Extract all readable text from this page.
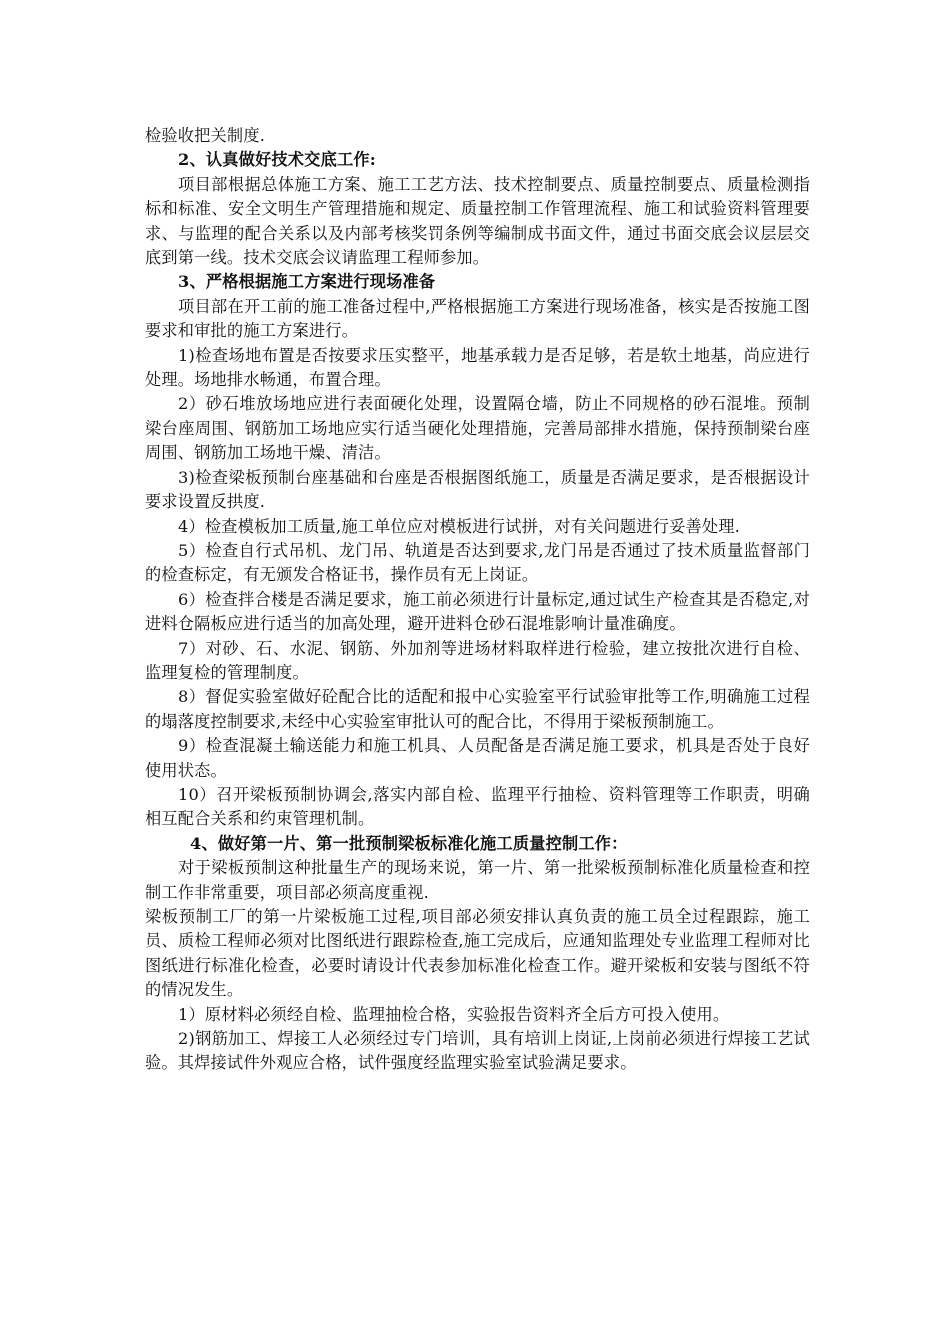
检验收把关制度.

2、认真做好技术交底工作:

项目部根据总体施工方案、施工工艺方法、技术控制要点、质量控制要点、质量检测指标和标准、安全文明生产管理措施和规定、质量控制工作管理流程、施工和试验资料管理要求、与监理的配合关系以及内部考核奖罚条例等编制成书面文件，通过书面交底会议层层交底到第一线。技术交底会议请监理工程师参加。

3、严格根据施工方案进行现场准备

项目部在开工前的施工准备过程中,严格根据施工方案进行现场准备，核实是否按施工图要求和审批的施工方案进行。

1)检查场地布置是否按要求压实整平，地基承载力是否足够，若是软土地基，尚应进行处理。场地排水畅通，布置合理。

2）砂石堆放场地应进行表面硬化处理，设置隔仓墙，防止不同规格的砂石混堆。预制梁台座周围、钢筋加工场地应实行适当硬化处理措施，完善局部排水措施，保持预制梁台座周围、钢筋加工场地干燥、清洁。

3)检查梁板预制台座基础和台座是否根据图纸施工，质量是否满足要求，是否根据设计要求设置反拱度.

4）检查模板加工质量,施工单位应对模板进行试拼，对有关问题进行妥善处理.

5）检查自行式吊机、龙门吊、轨道是否达到要求,龙门吊是否通过了技术质量监督部门的检查标定，有无颁发合格证书，操作员有无上岗证。

6）检查拌合楼是否满足要求，施工前必须进行计量标定,通过试生产检查其是否稳定,对进料仓隔板应进行适当的加高处理，避开进料仓砂石混堆影响计量准确度。

7）对砂、石、水泥、钢筋、外加剂等进场材料取样进行检验，建立按批次进行自检、监理复检的管理制度。

8）督促实验室做好砼配合比的适配和报中心实验室平行试验审批等工作,明确施工过程的塌落度控制要求,未经中心实验室审批认可的配合比，不得用于梁板预制施工。

9）检查混凝土输送能力和施工机具、人员配备是否满足施工要求，机具是否处于良好使用状态。

10）召开梁板预制协调会,落实内部自检、监理平行抽检、资料管理等工作职责，明确相互配合关系和约束管理机制。

4、做好第一片、第一批预制梁板标准化施工质量控制工作：

对于梁板预制这种批量生产的现场来说，第一片、第一批梁板预制标准化质量检查和控制工作非常重要，项目部必须高度重视.

梁板预制工厂的第一片梁板施工过程,项目部必须安排认真负责的施工员全过程跟踪，施工员、质检工程师必须对比图纸进行跟踪检查,施工完成后，应通知监理处专业监理工程师对比图纸进行标准化检查，必要时请设计代表参加标准化检查工作。避开梁板和安装与图纸不符的情况发生。

1）原材料必须经自检、监理抽检合格，实验报告资料齐全后方可投入使用。

2)钢筋加工、焊接工人必须经过专门培训，具有培训上岗证,上岗前必须进行焊接工艺试验。其焊接试件外观应合格，试件强度经监理实验室试验满足要求。
